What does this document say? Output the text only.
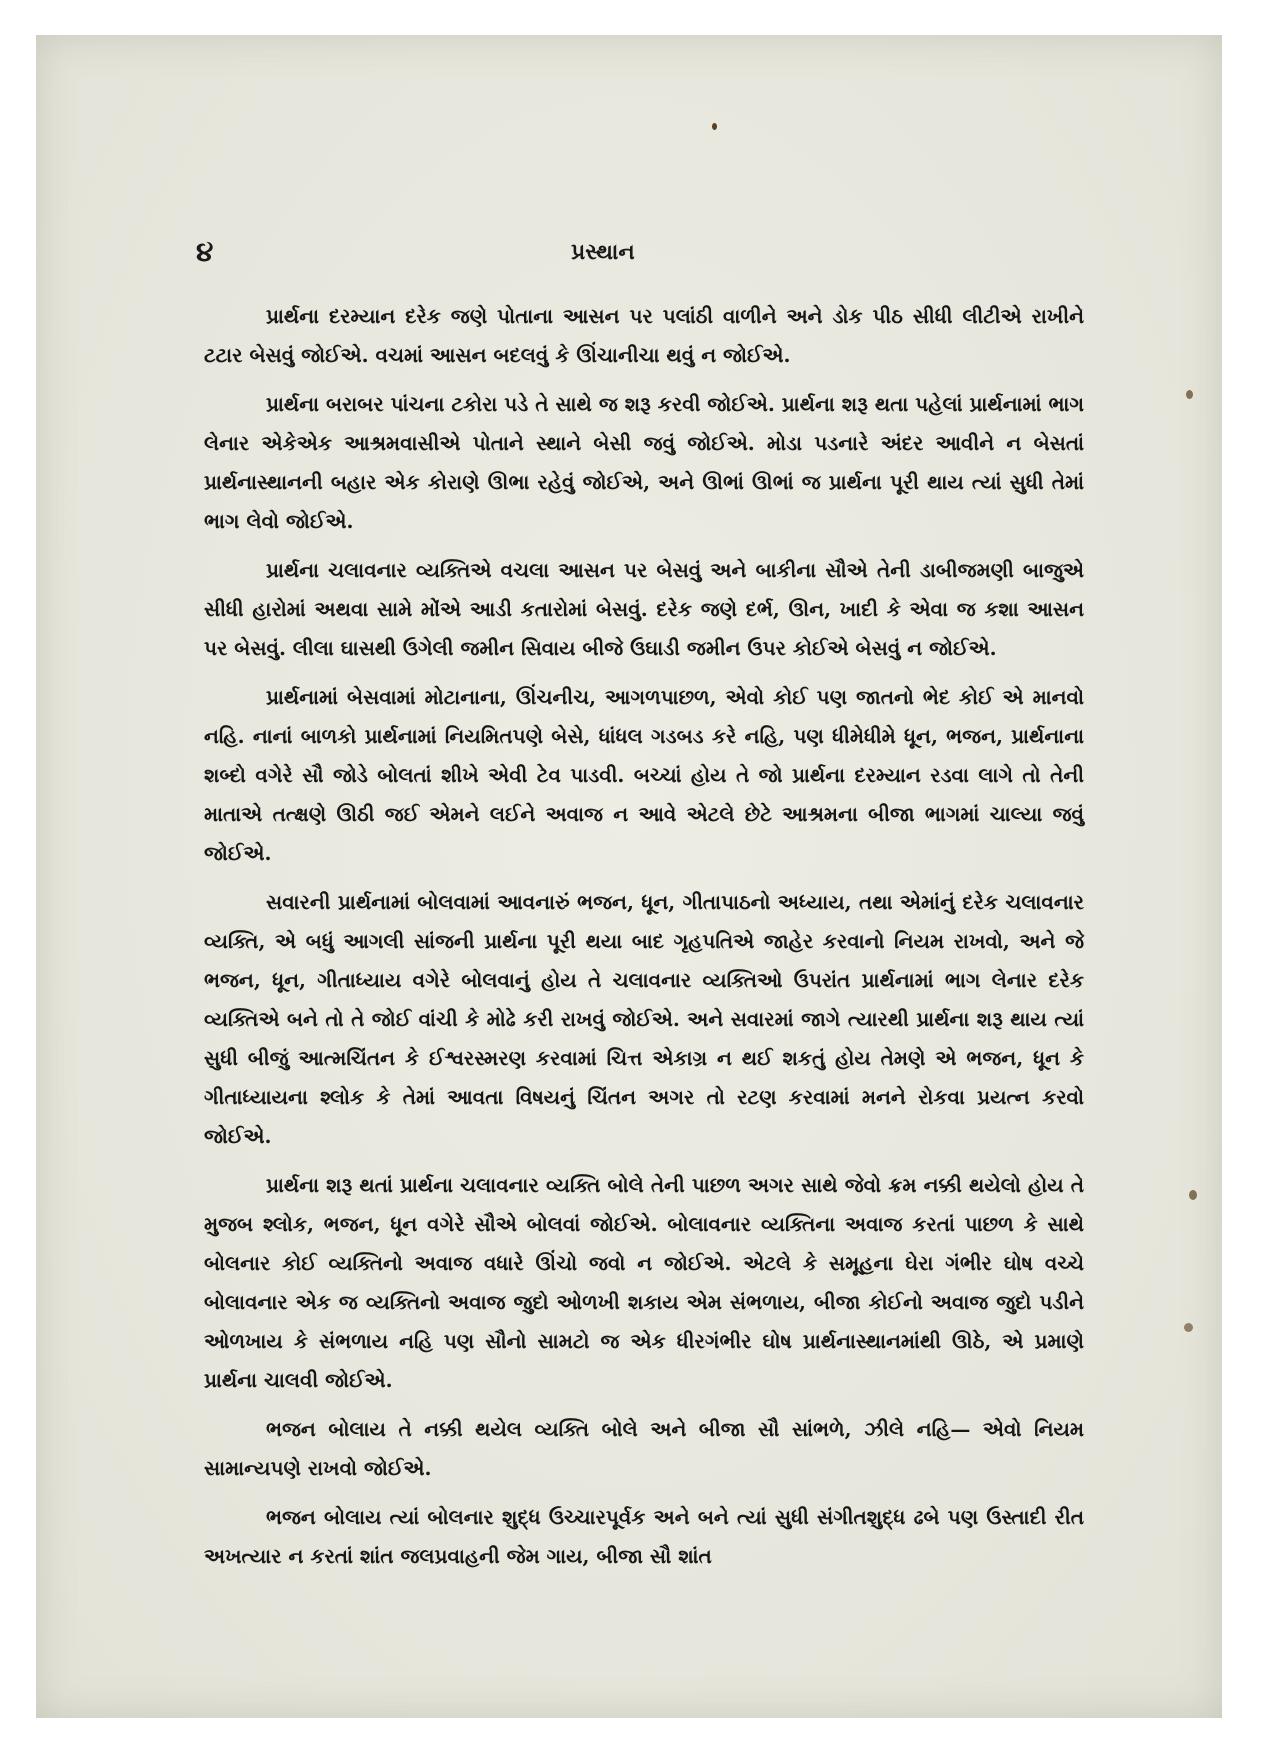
૪	પ્રસ્થાન

પ્રાર્થના દરમ્યાન દરેક જણે પોતાના આસન પર પલાંઠી વાળીને અને ડોક પીઠ સીધી લીટીએ રાખીને ટટાર બેસવું જોઈએ. વચમાં આસન બદલવું કે ઊંચાનીચા થવું ન જોઈએ.

પ્રાર્થના બરાબર પાંચના ટકોરા પડે તે સાથે જ શરૂ કરવી જોઈએ. પ્રાર્થના શરૂ થતા પહેલાં પ્રાર્થનામાં ભાગ લેનાર એકેએક આશ્રમવાસીએ પોતાને સ્થાને બેસી જવું જોઈએ. મોડા પડનારે અંદર આવીને ન બેસતાં પ્રાર્થનાસ્થાનની બહાર એક કોરાણે ઊભા રહેવું જોઈએ, અને ઊભાં ઊભાં જ પ્રાર્થના પૂરી થાય ત્યાં સુધી તેમાં ભાગ લેવો જોઈએ.

પ્રાર્થના ચલાવનાર વ્યક્તિએ વચલા આસન પર બેસવું અને બાકીના સૌએ તેની ડાબીજમણી બાજુએ સીધી હારોમાં અથવા સામે મોંએ આડી કતારોમાં બેસવું. દરેક જણે દર્ભ, ઊન, ખાદી કે એવા જ કશા આસન પર બેસવું. લીલા ઘાસથી ઉગેલી જમીન સિવાય બીજે ઉઘાડી જમીન ઉપર કોઈએ બેસવું ન જોઈએ.

પ્રાર્થનામાં બેસવામાં મોટાનાના, ઊંચનીચ, આગળપાછળ, એવો કોઈ પણ જાતનો ભેદ કોઈ એ માનવો નહિ. નાનાં બાળકો પ્રાર્થનામાં નિયમિતપણે બેસે, ધાંધલ ગડબડ કરે નહિ, પણ ધીમેધીમે ધૂન, ભજન, પ્રાર્થનાના શબ્દો વગેરે સૌ જોડે બોલતાં શીખે એવી ટેવ પાડવી. બચ્ચાં હોય તે જો પ્રાર્થના દરમ્યાન રડવા લાગે તો તેની માતાએ તત્ક્ષણે ઊઠી જઈ એમને લઈને અવાજ ન આવે એટલે છેટે આશ્રમના બીજા ભાગમાં ચાલ્યા જવું જોઈએ.

સવારની પ્રાર્થનામાં બોલવામાં આવનારું ભજન, ધૂન, ગીતાપાઠનો અધ્યાય, તથા એમાંનું દરેક ચલાવનાર વ્યક્તિ, એ બધું આગલી સાંજની પ્રાર્થના પૂરી થયા બાદ ગૃહપતિએ જાહેર કરવાનો નિયમ રાખવો, અને જે ભજન, ધૂન, ગીતાધ્યાય વગેરે બોલવાનું હોય તે ચલાવનાર વ્યક્તિઓ ઉપરાંત પ્રાર્થનામાં ભાગ લેનાર દરેક વ્યક્તિએ બને તો તે જોઈ વાંચી કે મોઢે કરી રાખવું જોઈએ. અને સવારમાં જાગે ત્યારથી પ્રાર્થના શરૂ થાય ત્યાં સુધી બીજું આત્મચિંતન કે ઈશ્વરસ્મરણ કરવામાં ચિત્ત એકાગ્ર ન થઈ શકતું હોય તેમણે એ ભજન, ધૂન કે ગીતાધ્યાયના શ્લોક કે તેમાં આવતા વિષયનું ચિંતન અગર તો રટણ કરવામાં મનને રોકવા પ્રયત્ન કરવો જોઈએ.

પ્રાર્થના શરૂ થતાં પ્રાર્થના ચલાવનાર વ્યક્તિ બોલે તેની પાછળ અગર સાથે જેવો ક્રમ નક્કી થયેલો હોય તે મુજબ શ્લોક, ભજન, ધૂન વગેરે સૌએ બોલવાં જોઈએ. બોલાવનાર વ્યક્તિના અવાજ કરતાં પાછળ કે સાથે બોલનાર કોઈ વ્યક્તિનો અવાજ વધારે ઊંચો જવો ન જોઈએ. એટલે કે સમૂહના ઘેરા ગંભીર ઘોષ વચ્ચે બોલાવનાર એક જ વ્યક્તિનો અવાજ જુદો ઓળખી શકાય એમ સંભળાય, બીજા કોઈનો અવાજ જુદો પડીને ઓળખાય કે સંભળાય નહિ પણ સૌનો સામટો જ એક ધીરગંભીર ઘોષ પ્રાર્થનાસ્થાનમાંથી ઊઠે, એ પ્રમાણે પ્રાર્થના ચાલવી જોઈએ.

ભજન બોલાય તે નક્કી થયેલ વ્યક્તિ બોલે અને બીજા સૌ સાંભળે, ઝીલે નહિ— એવો નિયમ સામાન્યપણે રાખવો જોઈએ.

ભજન બોલાય ત્યાં બોલનાર શુદ્ધ ઉચ્ચારપૂર્વક અને બને ત્યાં સુધી સંગીતશુદ્ધ ઢબે પણ ઉસ્તાદી રીત અખત્યાર ન કરતાં શાંત જલપ્રવાહની જેમ ગાય, બીજા સૌ શાંત
